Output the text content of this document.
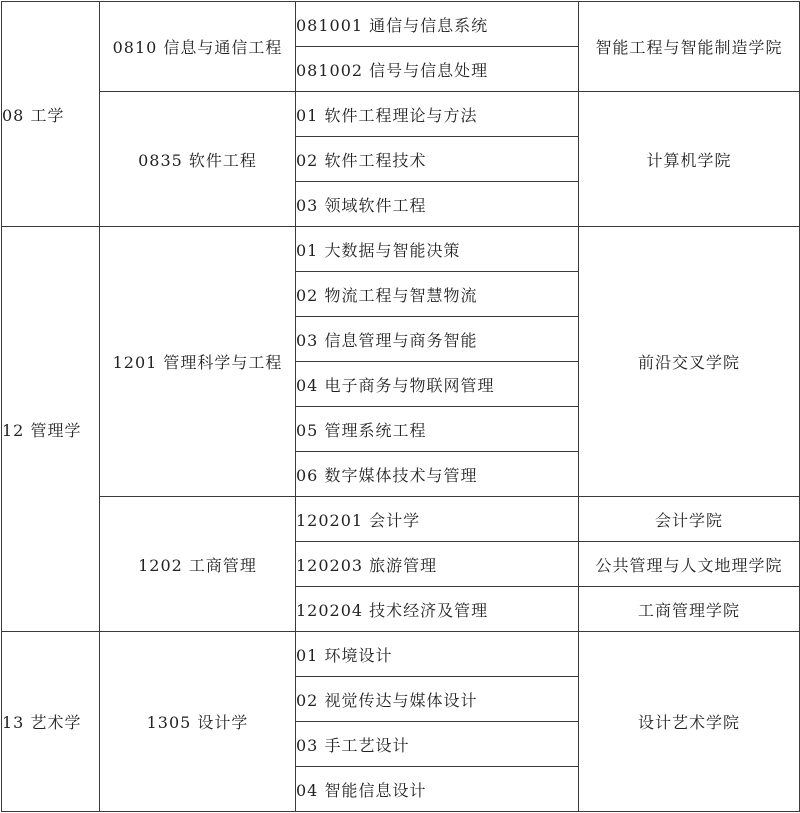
08 工学	0810 信息与通信工程	081001 通信与信息系统	智能工程与智能制造学院
		081002 信号与信息处理	
	0835 软件工程	01 软件工程理论与方法	计算机学院
		02 软件工程技术	
		03 领域软件工程	
12 管理学	1201 管理科学与工程	01 大数据与智能决策	前沿交叉学院
		02 物流工程与智慧物流	
		03 信息管理与商务智能	
		04 电子商务与物联网管理	
		05 管理系统工程	
		06 数字媒体技术与管理	
	1202 工商管理	120201 会计学	会计学院
		120203 旅游管理	公共管理与人文地理学院
		120204 技术经济及管理	工商管理学院
13 艺术学	1305 设计学	01 环境设计	设计艺术学院
		02 视觉传达与媒体设计	
		03 手工艺设计	
		04 智能信息设计	
